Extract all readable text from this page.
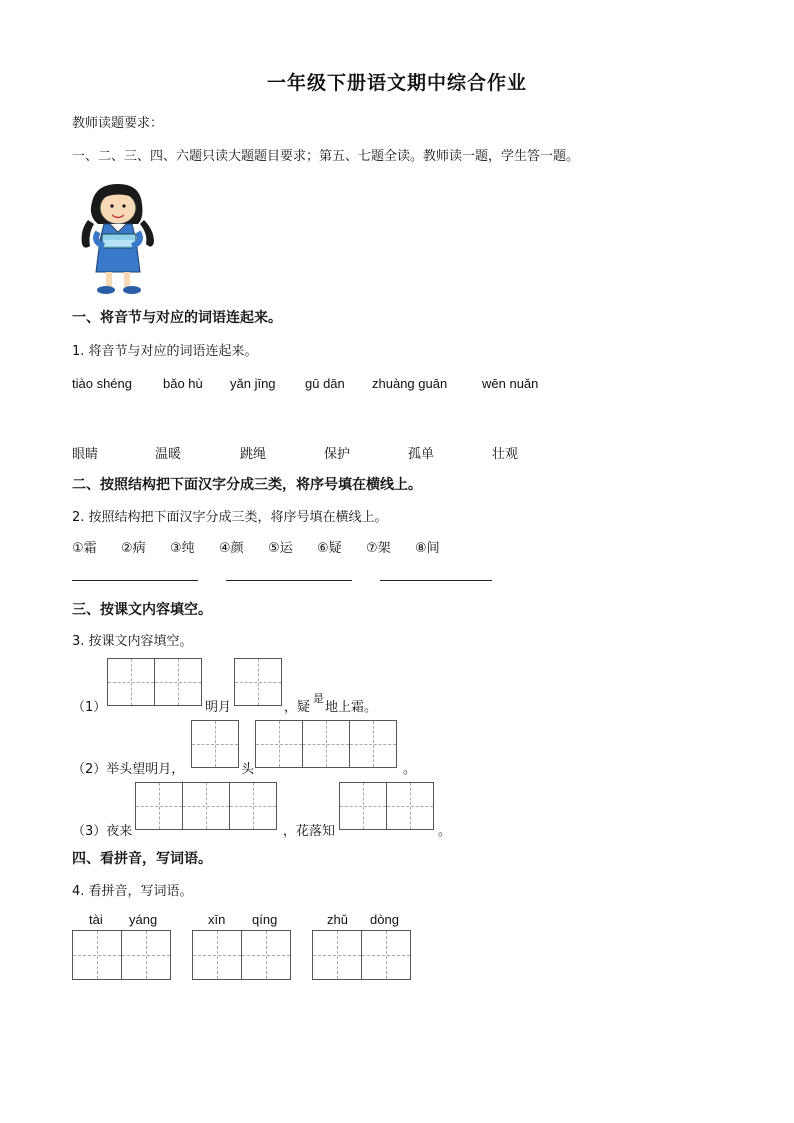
一年级下册语文期中综合作业
教师读题要求：
一、二、三、四、六题只读大题题目要求；第五、七题全读。教师读一题，学生答一题。
一、将音节与对应的词语连起来。
1. 将音节与对应的词语连起来。
tiào shéng bǎo hù yǎn jīng gū dān zhuàng guān	wēn nuǎn
眼睛	温暖	跳绳	保护	孤单	壮观
二、按照结构把下面汉字分成三类，将序号填在横线上。
2. 按照结构把下面汉字分成三类，将序号填在横线上。
①霜 ②病 ③纯 ④颜 ⑤运 ⑥疑 ⑦架 ⑧间
三、按课文内容填空。
3. 按课文内容填空。
（1）	明月	，疑
是
地上霜。
（2）举头望明月，	头	。
（3）夜来	，花落知	。
四、看拼音，写词语。
4. 看拼音，写词语。
tài yáng	xīn qíng	zhǔ dòng
